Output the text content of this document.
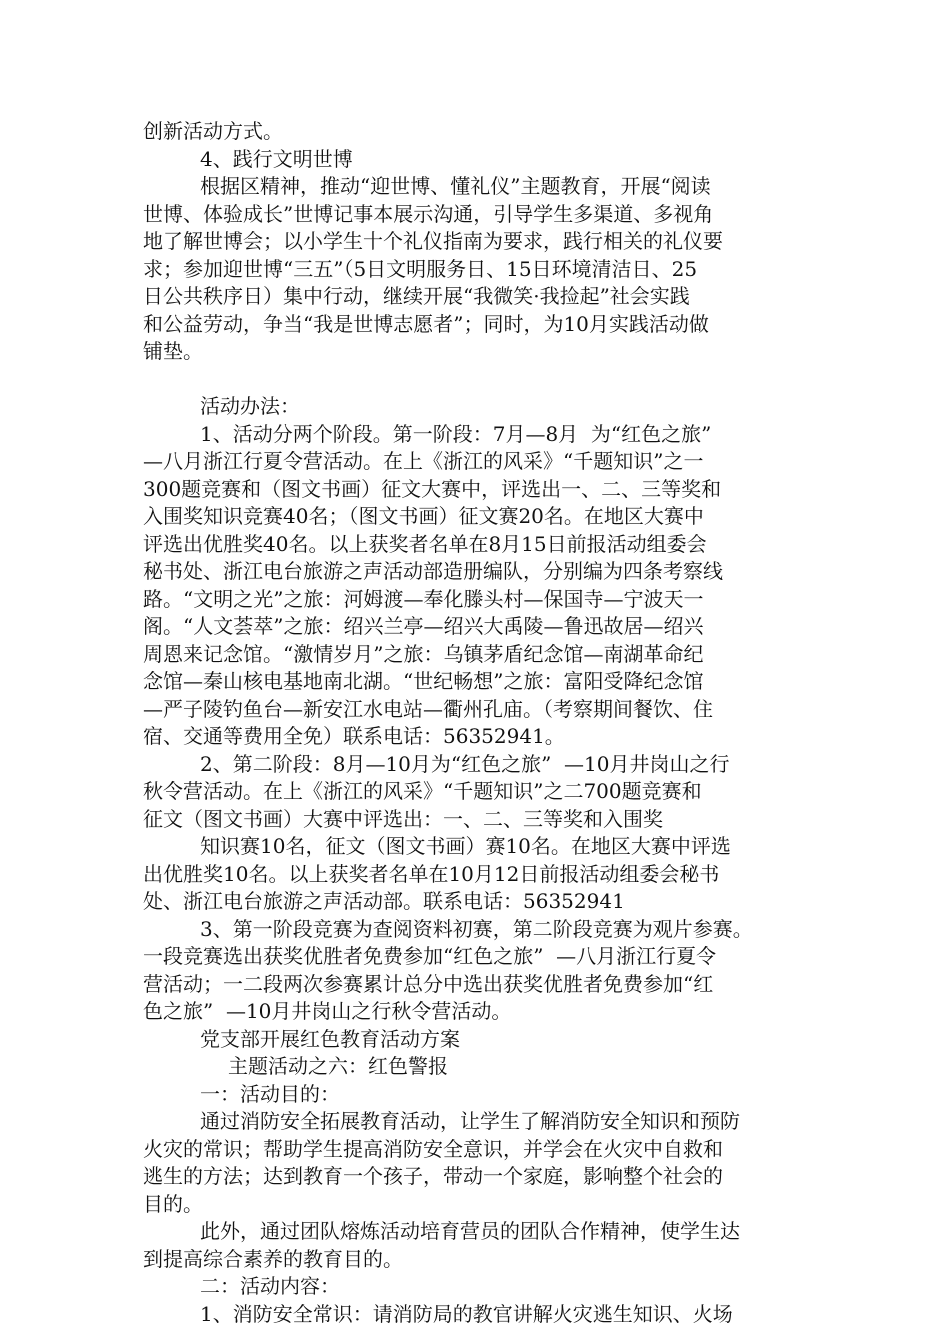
创新活动方式。
4、践行文明世博
根据区精神，推动“迎世博、懂礼仪”主题教育，开展“阅读
世博、体验成长”世博记事本展示沟通，引导学生多渠道、多视角
地了解世博会；以小学生十个礼仪指南为要求，践行相关的礼仪要
求；参加迎世博“三五”（5日文明服务日、15日环境清洁日、25
日公共秩序日）集中行动，继续开展“我微笑·我捡起”社会实践
和公益劳动，争当“我是世博志愿者”；同时，为10月实践活动做
铺垫。
活动办法：
1、活动分两个阶段。第一阶段：7月—8月  为“红色之旅”
—八月浙江行夏令营活动。在上《浙江的风采》“千题知识”之一
300题竞赛和（图文书画）征文大赛中，评选出一、二、三等奖和
入围奖知识竞赛40名；（图文书画）征文赛20名。在地区大赛中
评选出优胜奖40名。以上获奖者名单在8月15日前报活动组委会
秘书处、浙江电台旅游之声活动部造册编队，分别编为四条考察线
路。“文明之光”之旅：河姆渡—奉化滕头村—保国寺—宁波天一
阁。“人文荟萃”之旅：绍兴兰亭—绍兴大禹陵—鲁迅故居—绍兴
周恩来记念馆。“激情岁月”之旅：乌镇茅盾纪念馆—南湖革命纪
念馆—秦山核电基地南北湖。“世纪畅想”之旅：富阳受降纪念馆
—严子陵钓鱼台—新安江水电站—衢州孔庙。（考察期间餐饮、住
宿、交通等费用全免）联系电话：56352941。
2、第二阶段：8月—10月为“红色之旅”  —10月井岗山之行
秋令营活动。在上《浙江的风采》“千题知识”之二700题竞赛和
征文（图文书画）大赛中评选出：一、二、三等奖和入围奖
知识赛10名，征文（图文书画）赛10名。在地区大赛中评选
出优胜奖10名。以上获奖者名单在10月12日前报活动组委会秘书
处、浙江电台旅游之声活动部。联系电话：56352941
3、第一阶段竞赛为查阅资料初赛，第二阶段竞赛为观片参赛。
一段竞赛选出获奖优胜者免费参加“红色之旅”  —八月浙江行夏令
营活动；一二段两次参赛累计总分中选出获奖优胜者免费参加“红
色之旅”  —10月井岗山之行秋令营活动。
党支部开展红色教育活动方案
主题活动之六：红色警报
一：活动目的：
通过消防安全拓展教育活动，让学生了解消防安全知识和预防
火灾的常识；帮助学生提高消防安全意识，并学会在火灾中自救和
逃生的方法；达到教育一个孩子，带动一个家庭，影响整个社会的
目的。
此外，通过团队熔炼活动培育营员的团队合作精神，使学生达
到提高综合素养的教育目的。
二：活动内容：
1、消防安全常识：请消防局的教官讲解火灾逃生知识、火场
